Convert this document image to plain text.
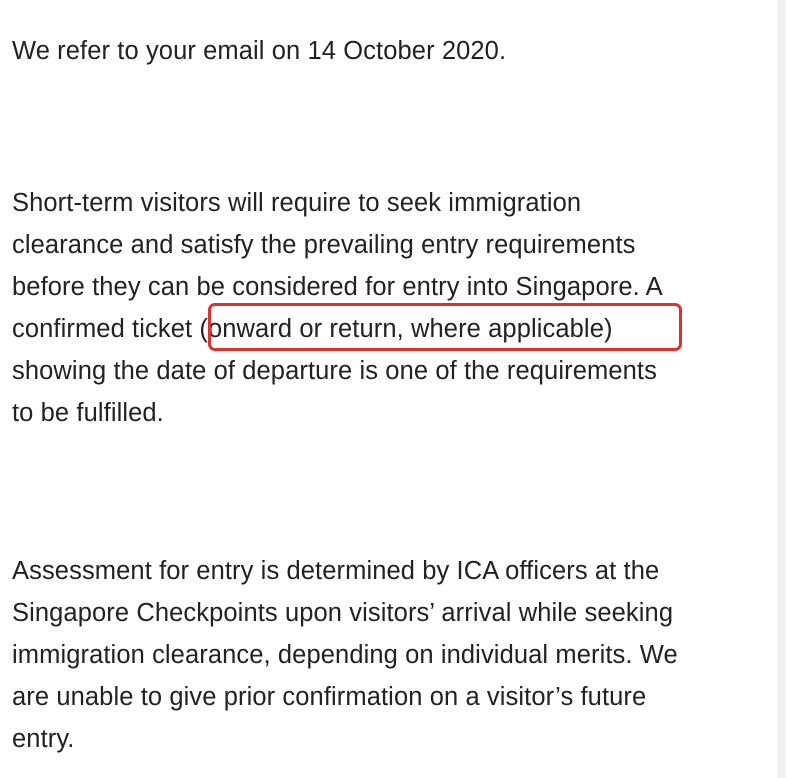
We refer to your email on 14 October 2020.

Short-term visitors will require to seek immigration
clearance and satisfy the prevailing entry requirements
before they can be considered for entry into Singapore. A
confirmed ticket (onward or return, where applicable)
showing the date of departure is one of the requirements
to be fulfilled.

Assessment for entry is determined by ICA officers at the
Singapore Checkpoints upon visitors’ arrival while seeking
immigration clearance, depending on individual merits. We
are unable to give prior confirmation on a visitor’s future
entry.
